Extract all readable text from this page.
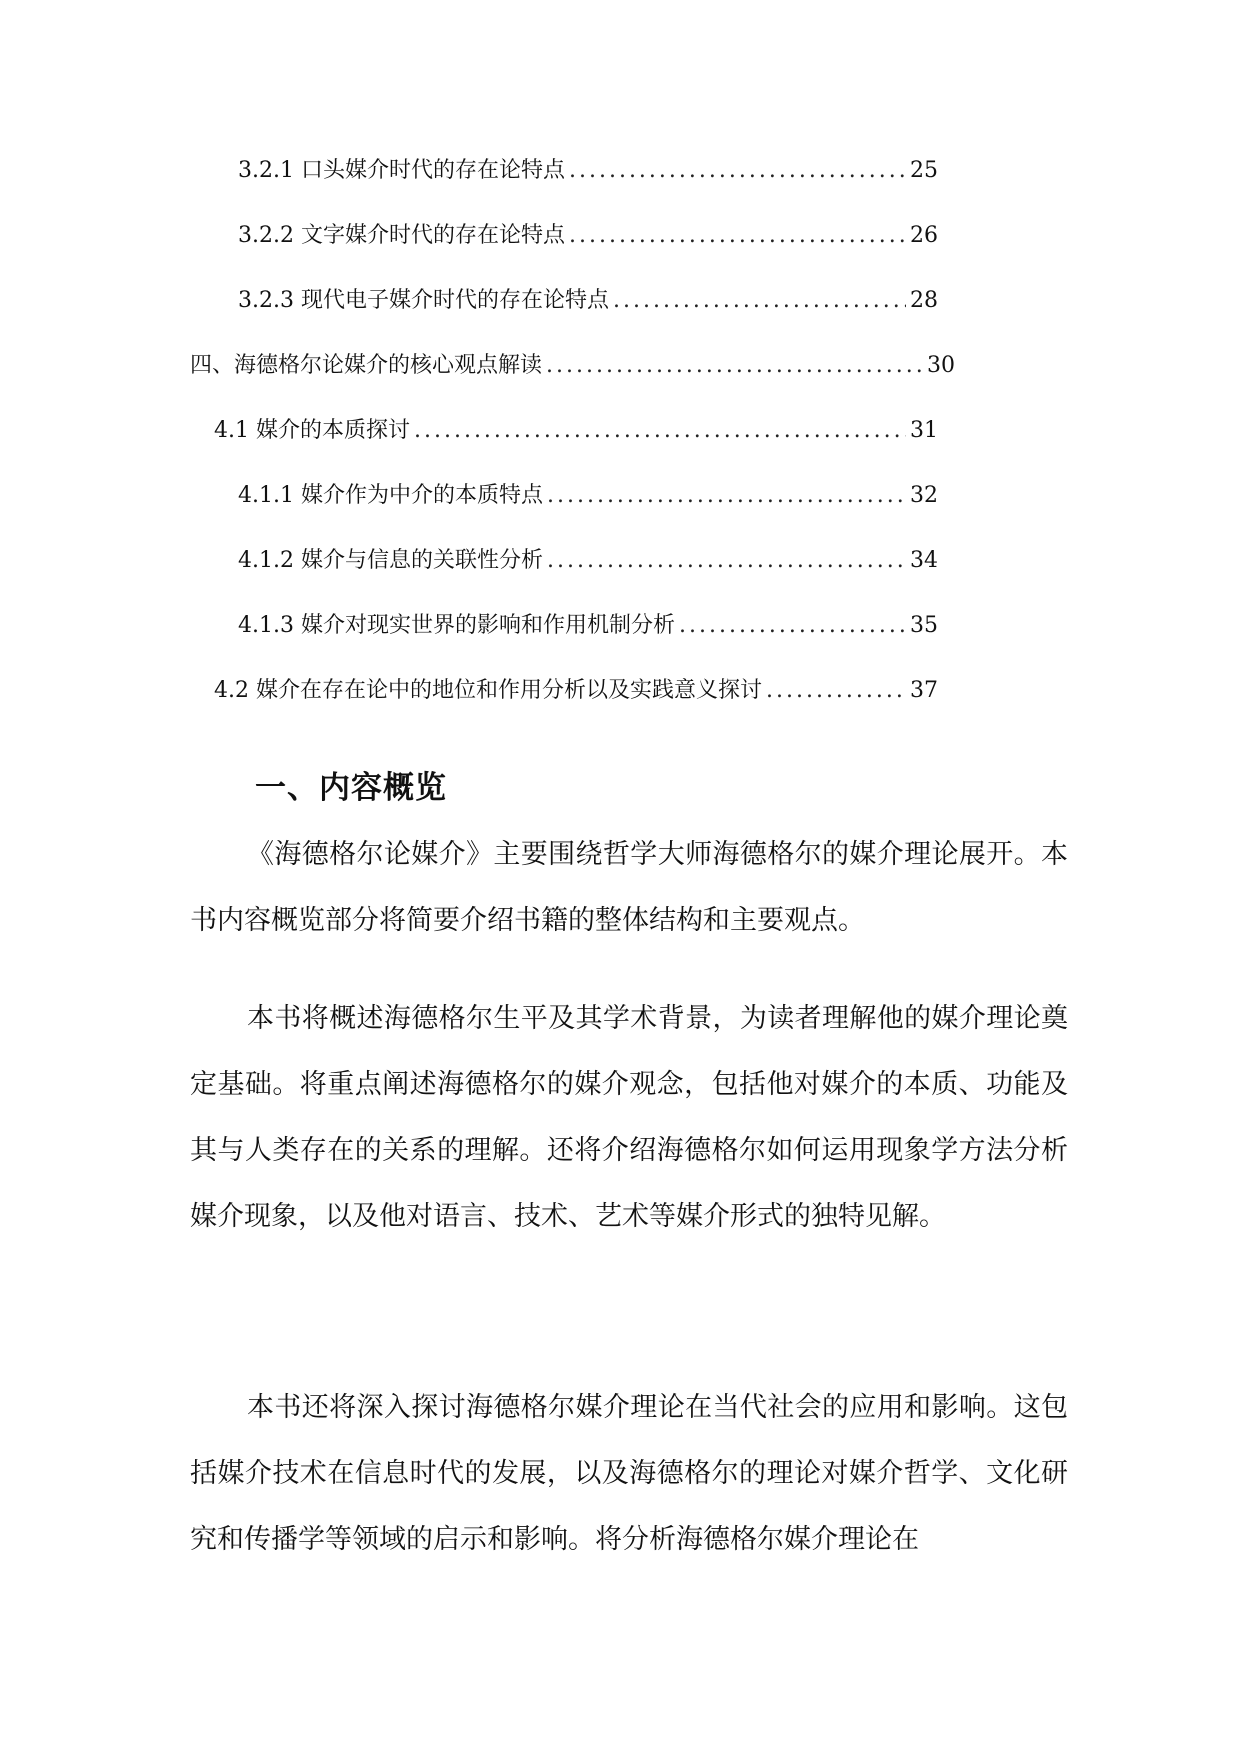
3.2.1 口头媒介时代的存在论特点 .....	25
3.2.2 文字媒介时代的存在论特点 .....	26
3.2.3 现代电子媒介时代的存在论特点 .....	28
四、海德格尔论媒介的核心观点解读 .....	30
4.1 媒介的本质探讨 .....	31
4.1.1 媒介作为中介的本质特点 .....	32
4.1.2 媒介与信息的关联性分析 .....	34
4.1.3 媒介对现实世界的影响和作用机制分析 .....	35
4.2 媒介在存在论中的地位和作用分析以及实践意义探讨 .....	37
一、内容概览

《海德格尔论媒介》主要围绕哲学大师海德格尔的媒介理论展开。本书内容概览部分将简要介绍书籍的整体结构和主要观点。

本书将概述海德格尔生平及其学术背景，为读者理解他的媒介理论奠定基础。将重点阐述海德格尔的媒介观念，包括他对媒介的本质、功能及其与人类存在的关系的理解。还将介绍海德格尔如何运用现象学方法分析媒介现象，以及他对语言、技术、艺术等媒介形式的独特见解。

本书还将深入探讨海德格尔媒介理论在当代社会的应用和影响。这包括媒介技术在信息时代的发展，以及海德格尔的理论对媒介哲学、文化研究和传播学等领域的启示和影响。将分析海德格尔媒介理论在
